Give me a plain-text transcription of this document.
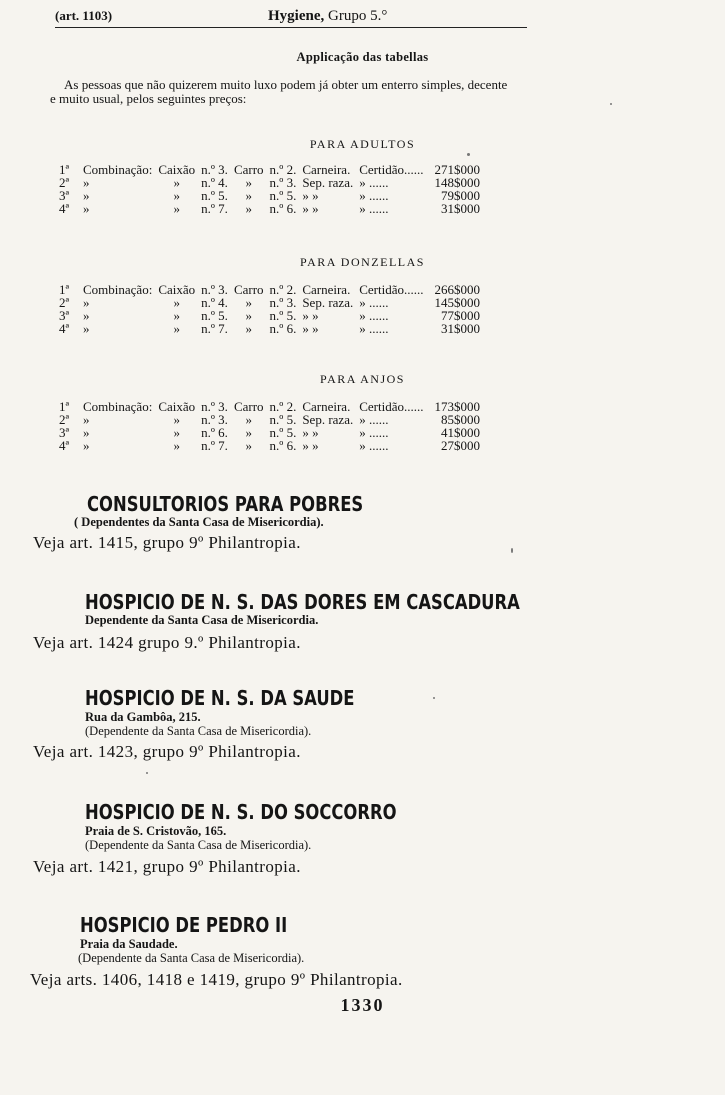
(art. 1103)	Hygiene, Grupo 5.°
Applicação das tabellas

As pessoas que não quizerem muito luxo podem já obter um enterro simples, decente

e muito usual, pelos seguintes preços:

PARA ADULTOS
1ª	Combinação:	Caixão	n.º 3.	Carro	n.º 2.	Carneira.	Certidão......	271$000
2ª	»	»	n.º 4.	»	n.º 3.	Sep. raza.	» ......	148$000
3ª	»	»	n.º 5.	»	n.º 5.	» »	» ......	79$000
4ª	»	»	n.º 7.	»	n.º 6.	» »	» ......	31$000
PARA DONZELLAS
1ª	Combinação:	Caixão	n.º 3.	Carro	n.º 2.	Carneira.	Certidão......	266$000
2ª	»	»	n.º 4.	»	n.º 3.	Sep. raza.	» ......	145$000
3ª	»	»	n.º 5.	»	n.º 5.	» »	» ......	77$000
4ª	»	»	n.º 7.	»	n.º 6.	» »	» ......	31$000
PARA ANJOS
1ª	Combinação:	Caixão	n.º 3.	Carro	n.º 2.	Carneira.	Certidão......	173$000
2ª	»	»	n.º 3.	»	n.º 5.	Sep. raza.	» ......	85$000
3ª	»	»	n.º 6.	»	n.º 5.	» »	» ......	41$000
4ª	»	»	n.º 7.	»	n.º 6.	» »	» ......	27$000
CONSULTORIOS PARA POBRES
( Dependentes da Santa Casa de Misericordia).
Veja art. 1415, grupo 9º Philantropia.
HOSPICIO DE N. S. DAS DORES EM CASCADURA
Dependente da Santa Casa de Misericordia.
Veja art. 1424 grupo 9.º Philantropia.
HOSPICIO DE N. S. DA SAUDE
Rua da Gambôa, 215.
(Dependente da Santa Casa de Misericordia).
Veja art. 1423, grupo 9º Philantropia.
HOSPICIO DE N. S. DO SOCCORRO
Praia de S. Cristovão, 165.
(Dependente da Santa Casa de Misericordia).
Veja art. 1421, grupo 9º Philantropia.
HOSPICIO DE PEDRO II
Praia da Saudade.
(Dependente da Santa Casa de Misericordia).
Veja arts. 1406, 1418 e 1419, grupo 9º Philantropia.
1330
